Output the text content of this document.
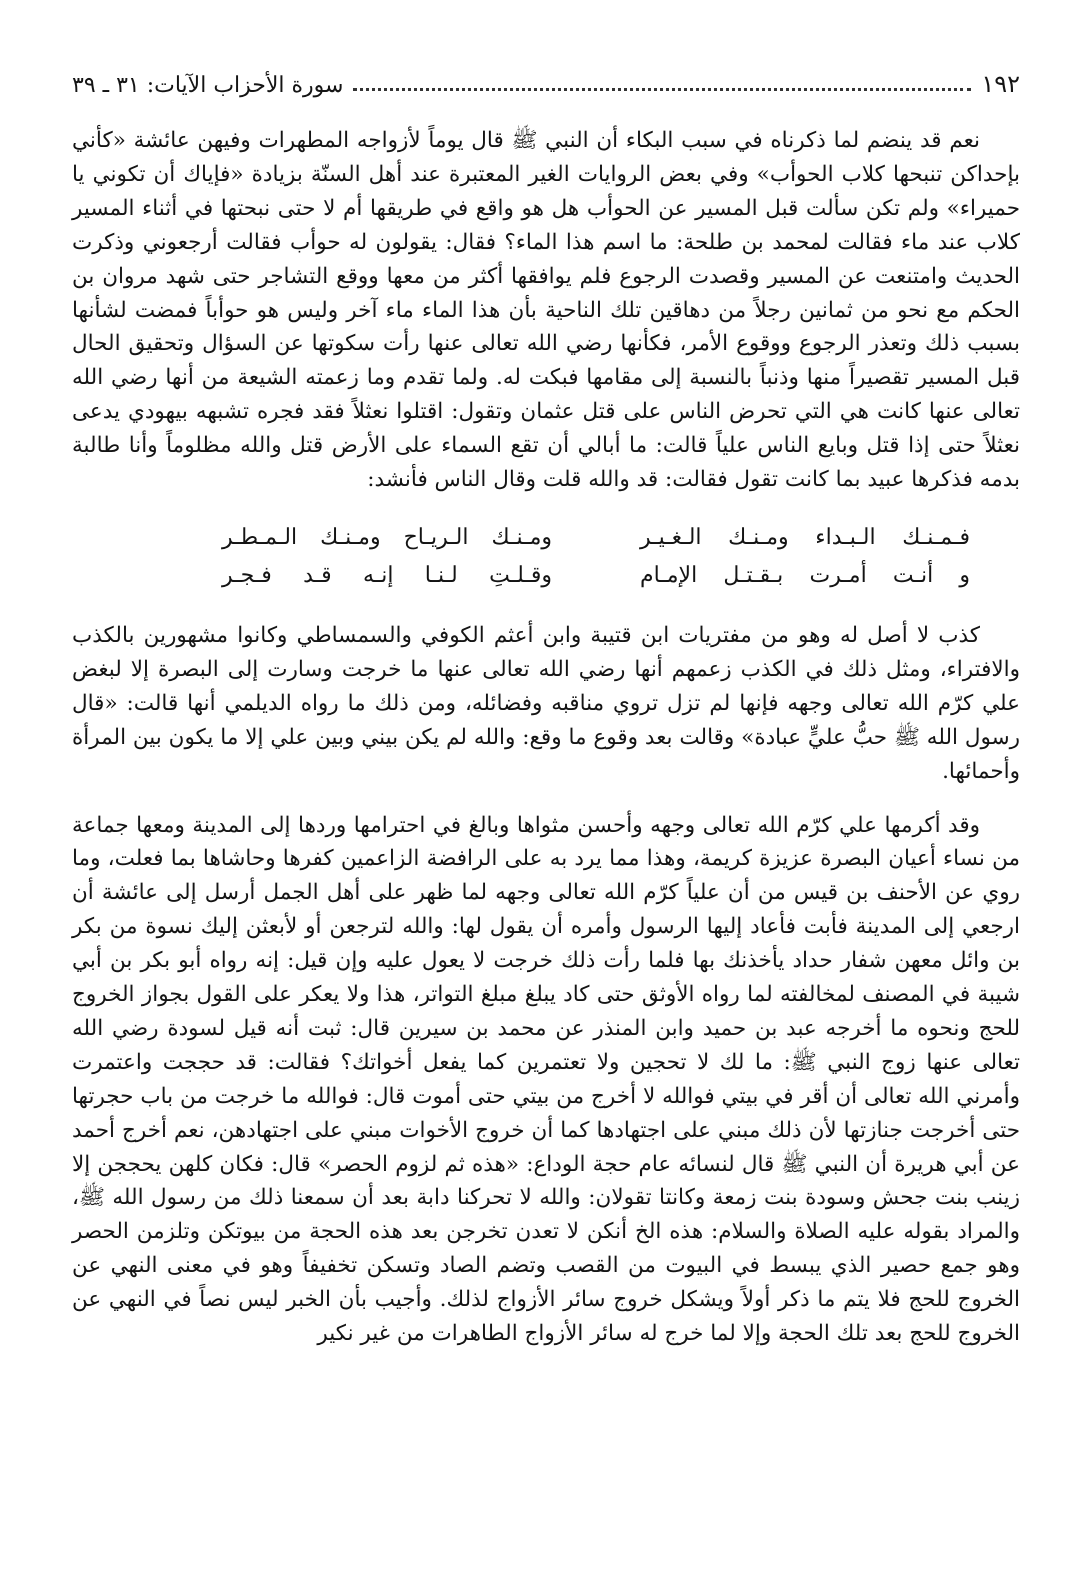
١٩٢
سورة الأحزاب الآيات: ٣١ ـ ٣٩

نعم قد ينضم لما ذكرناه في سبب البكاء أن النبي ﷺ قال يوماً لأزواجه المطهرات وفيهن عائشة «كأني بإحداكن تنبحها كلاب الحوأب» وفي بعض الروايات الغير المعتبرة عند أهل السنّة بزيادة «فإياك أن تكوني يا حميراء» ولم تكن سألت قبل المسير عن الحوأب هل هو واقع في طريقها أم لا حتى نبحتها في أثناء المسير كلاب عند ماء فقالت لمحمد بن طلحة: ما اسم هذا الماء؟ فقال: يقولون له حوأب فقالت أرجعوني وذكرت الحديث وامتنعت عن المسير وقصدت الرجوع فلم يوافقها أكثر من معها ووقع التشاجر حتى شهد مروان بن الحكم مع نحو من ثمانين رجلاً من دهاقين تلك الناحية بأن هذا الماء ماء آخر وليس هو حوأباً فمضت لشأنها بسبب ذلك وتعذر الرجوع ووقوع الأمر، فكأنها رضي الله تعالى عنها رأت سكوتها عن السؤال وتحقيق الحال قبل المسير تقصيراً منها وذنباً بالنسبة إلى مقامها فبكت له. ولما تقدم وما زعمته الشيعة من أنها رضي الله تعالى عنها كانت هي التي تحرض الناس على قتل عثمان وتقول: اقتلوا نعثلاً فقد فجره تشبهه بيهودي يدعى نعثلاً حتى إذا قتل وبايع الناس علياً قالت: ما أبالي أن تقع السماء على الأرض قتل والله مظلوماً وأنا طالبة بدمه فذكرها عبيد بما كانت تقول فقالت: قد والله قلت وقال الناس فأنشد:

فـمـنـك الـبـداء ومـنـك الـغـيـر
ومـنـك الـريـاح ومـنـك الـمـطـر
و أنـت أمـرت بـقـتـل الإمـام
وقـلـتِ لـنـا إنـه قـد فـجـر

كذب لا أصل له وهو من مفتريات ابن قتيبة وابن أعثم الكوفي والسمساطي وكانوا مشهورين بالكذب والافتراء، ومثل ذلك في الكذب زعمهم أنها رضي الله تعالى عنها ما خرجت وسارت إلى البصرة إلا لبغض علي كرّم الله تعالى وجهه فإنها لم تزل تروي مناقبه وفضائله، ومن ذلك ما رواه الديلمي أنها قالت: «قال رسول الله ﷺ حبُّ عليٍّ عبادة» وقالت بعد وقوع ما وقع: والله لم يكن بيني وبين علي إلا ما يكون بين المرأة وأحمائها.

وقد أكرمها علي كرّم الله تعالى وجهه وأحسن مثواها وبالغ في احترامها وردها إلى المدينة ومعها جماعة من نساء أعيان البصرة عزيزة كريمة، وهذا مما يرد به على الرافضة الزاعمين كفرها وحاشاها بما فعلت، وما روي عن الأحنف بن قيس من أن علياً كرّم الله تعالى وجهه لما ظهر على أهل الجمل أرسل إلى عائشة أن ارجعي إلى المدينة فأبت فأعاد إليها الرسول وأمره أن يقول لها: والله لترجعن أو لأبعثن إليك نسوة من بكر بن وائل معهن شفار حداد يأخذنك بها فلما رأت ذلك خرجت لا يعول عليه وإن قيل: إنه رواه أبو بكر بن أبي شيبة في المصنف لمخالفته لما رواه الأوثق حتى كاد يبلغ مبلغ التواتر، هذا ولا يعكر على القول بجواز الخروج للحج ونحوه ما أخرجه عبد بن حميد وابن المنذر عن محمد بن سيرين قال: ثبت أنه قيل لسودة رضي الله تعالى عنها زوج النبي ﷺ: ما لك لا تحجين ولا تعتمرين كما يفعل أخواتك؟ فقالت: قد حججت واعتمرت وأمرني الله تعالى أن أقر في بيتي فوالله لا أخرج من بيتي حتى أموت قال: فوالله ما خرجت من باب حجرتها حتى أخرجت جنازتها لأن ذلك مبني على اجتهادها كما أن خروج الأخوات مبني على اجتهادهن، نعم أخرج أحمد عن أبي هريرة أن النبي ﷺ قال لنسائه عام حجة الوداع: «هذه ثم لزوم الحصر» قال: فكان كلهن يحججن إلا زينب بنت جحش وسودة بنت زمعة وكانتا تقولان: والله لا تحركنا دابة بعد أن سمعنا ذلك من رسول الله ﷺ، والمراد بقوله عليه الصلاة والسلام: هذه الخ أنكن لا تعدن تخرجن بعد هذه الحجة من بيوتكن وتلزمن الحصر وهو جمع حصير الذي يبسط في البيوت من القصب وتضم الصاد وتسكن تخفيفاً وهو في معنى النهي عن الخروج للحج فلا يتم ما ذكر أولاً ويشكل خروج سائر الأزواج لذلك. وأجيب بأن الخبر ليس نصاً في النهي عن الخروج للحج بعد تلك الحجة وإلا لما خرج له سائر الأزواج الطاهرات من غير نكير
